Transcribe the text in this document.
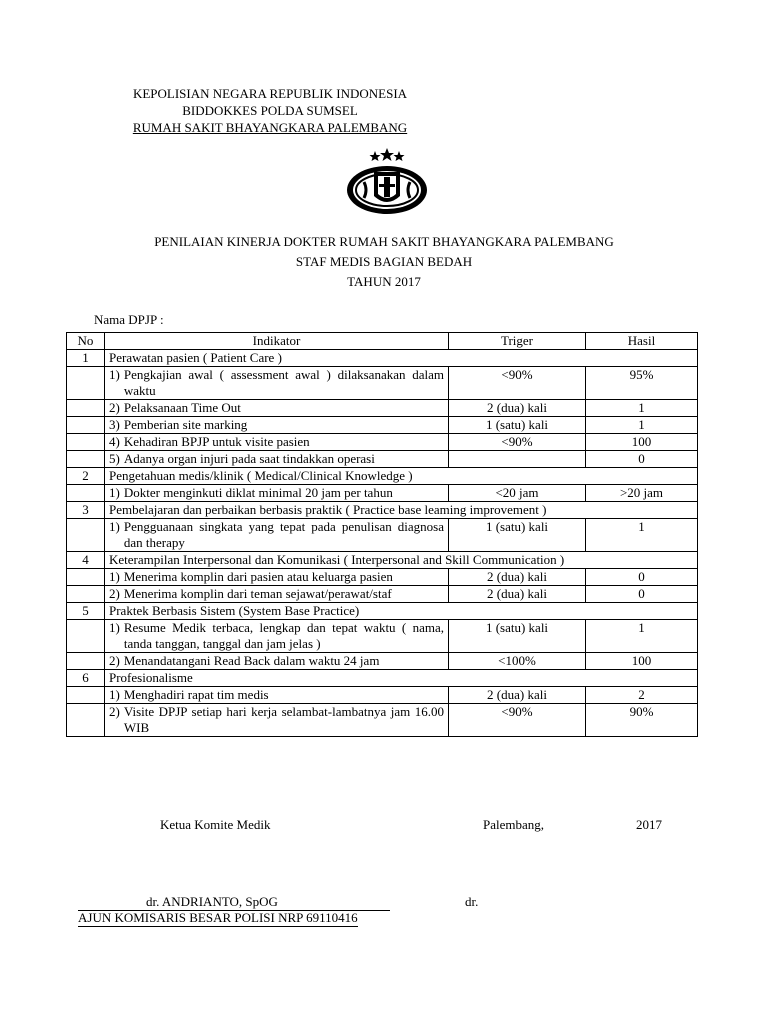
KEPOLISIAN NEGARA REPUBLIK INDONESIA
BIDDOKKES POLDA SUMSEL
RUMAH SAKIT BHAYANGKARA PALEMBANG
PENILAIAN KINERJA DOKTER RUMAH SAKIT BHAYANGKARA PALEMBANG
STAF MEDIS BAGIAN BEDAH
TAHUN 2017
Nama DPJP :
No	Indikator	Triger	Hasil
1	Perawatan pasien ( Patient Care )		

	1) Pengkajian awal ( assessment awal ) dilaksanakan dalam waktu	<90%	95%

	2) Pelaksanaan Time Out	2 (dua) kali	1

	3) Pemberian site marking	1 (satu) kali	1

	4) Kehadiran BPJP untuk visite pasien	<90%	100

	5) Adanya organ injuri pada saat tindakkan operasi		0
2	Pengetahuan medis/klinik ( Medical/Clinical Knowledge )		

	1) Dokter menginkuti diklat minimal 20 jam per tahun	<20 jam	>20 jam
3	Pembelajaran dan perbaikan berbasis praktik ( Practice base leaming improvement )		

	1) Pengguanaan singkata yang tepat pada penulisan diagnosa dan therapy	1 (satu) kali	1
4	Keterampilan Interpersonal dan Komunikasi ( Interpersonal and Skill Communication )		

	1) Menerima komplin dari pasien atau keluarga pasien	2 (dua) kali	0

	2) Menerima komplin dari teman sejawat/perawat/staf	2 (dua) kali	0
5	Praktek Berbasis Sistem (System Base Practice)		

	1) Resume Medik terbaca, lengkap dan tepat waktu ( nama, tanda tanggan, tanggal dan jam jelas )	1 (satu) kali	1

	2) Menandatangani Read Back dalam waktu 24 jam	<100%	100
6	Profesionalisme		

	1) Menghadiri rapat tim medis	2 (dua) kali	2

	2) Visite DPJP setiap hari kerja selambat-lambatnya jam 16.00 WIB	<90%	90%
Ketua Komite Medik	Palembang,	2017
dr. ANDRIANTO, SpOG	dr.
AJUN KOMISARIS BESAR POLISI NRP 69110416
